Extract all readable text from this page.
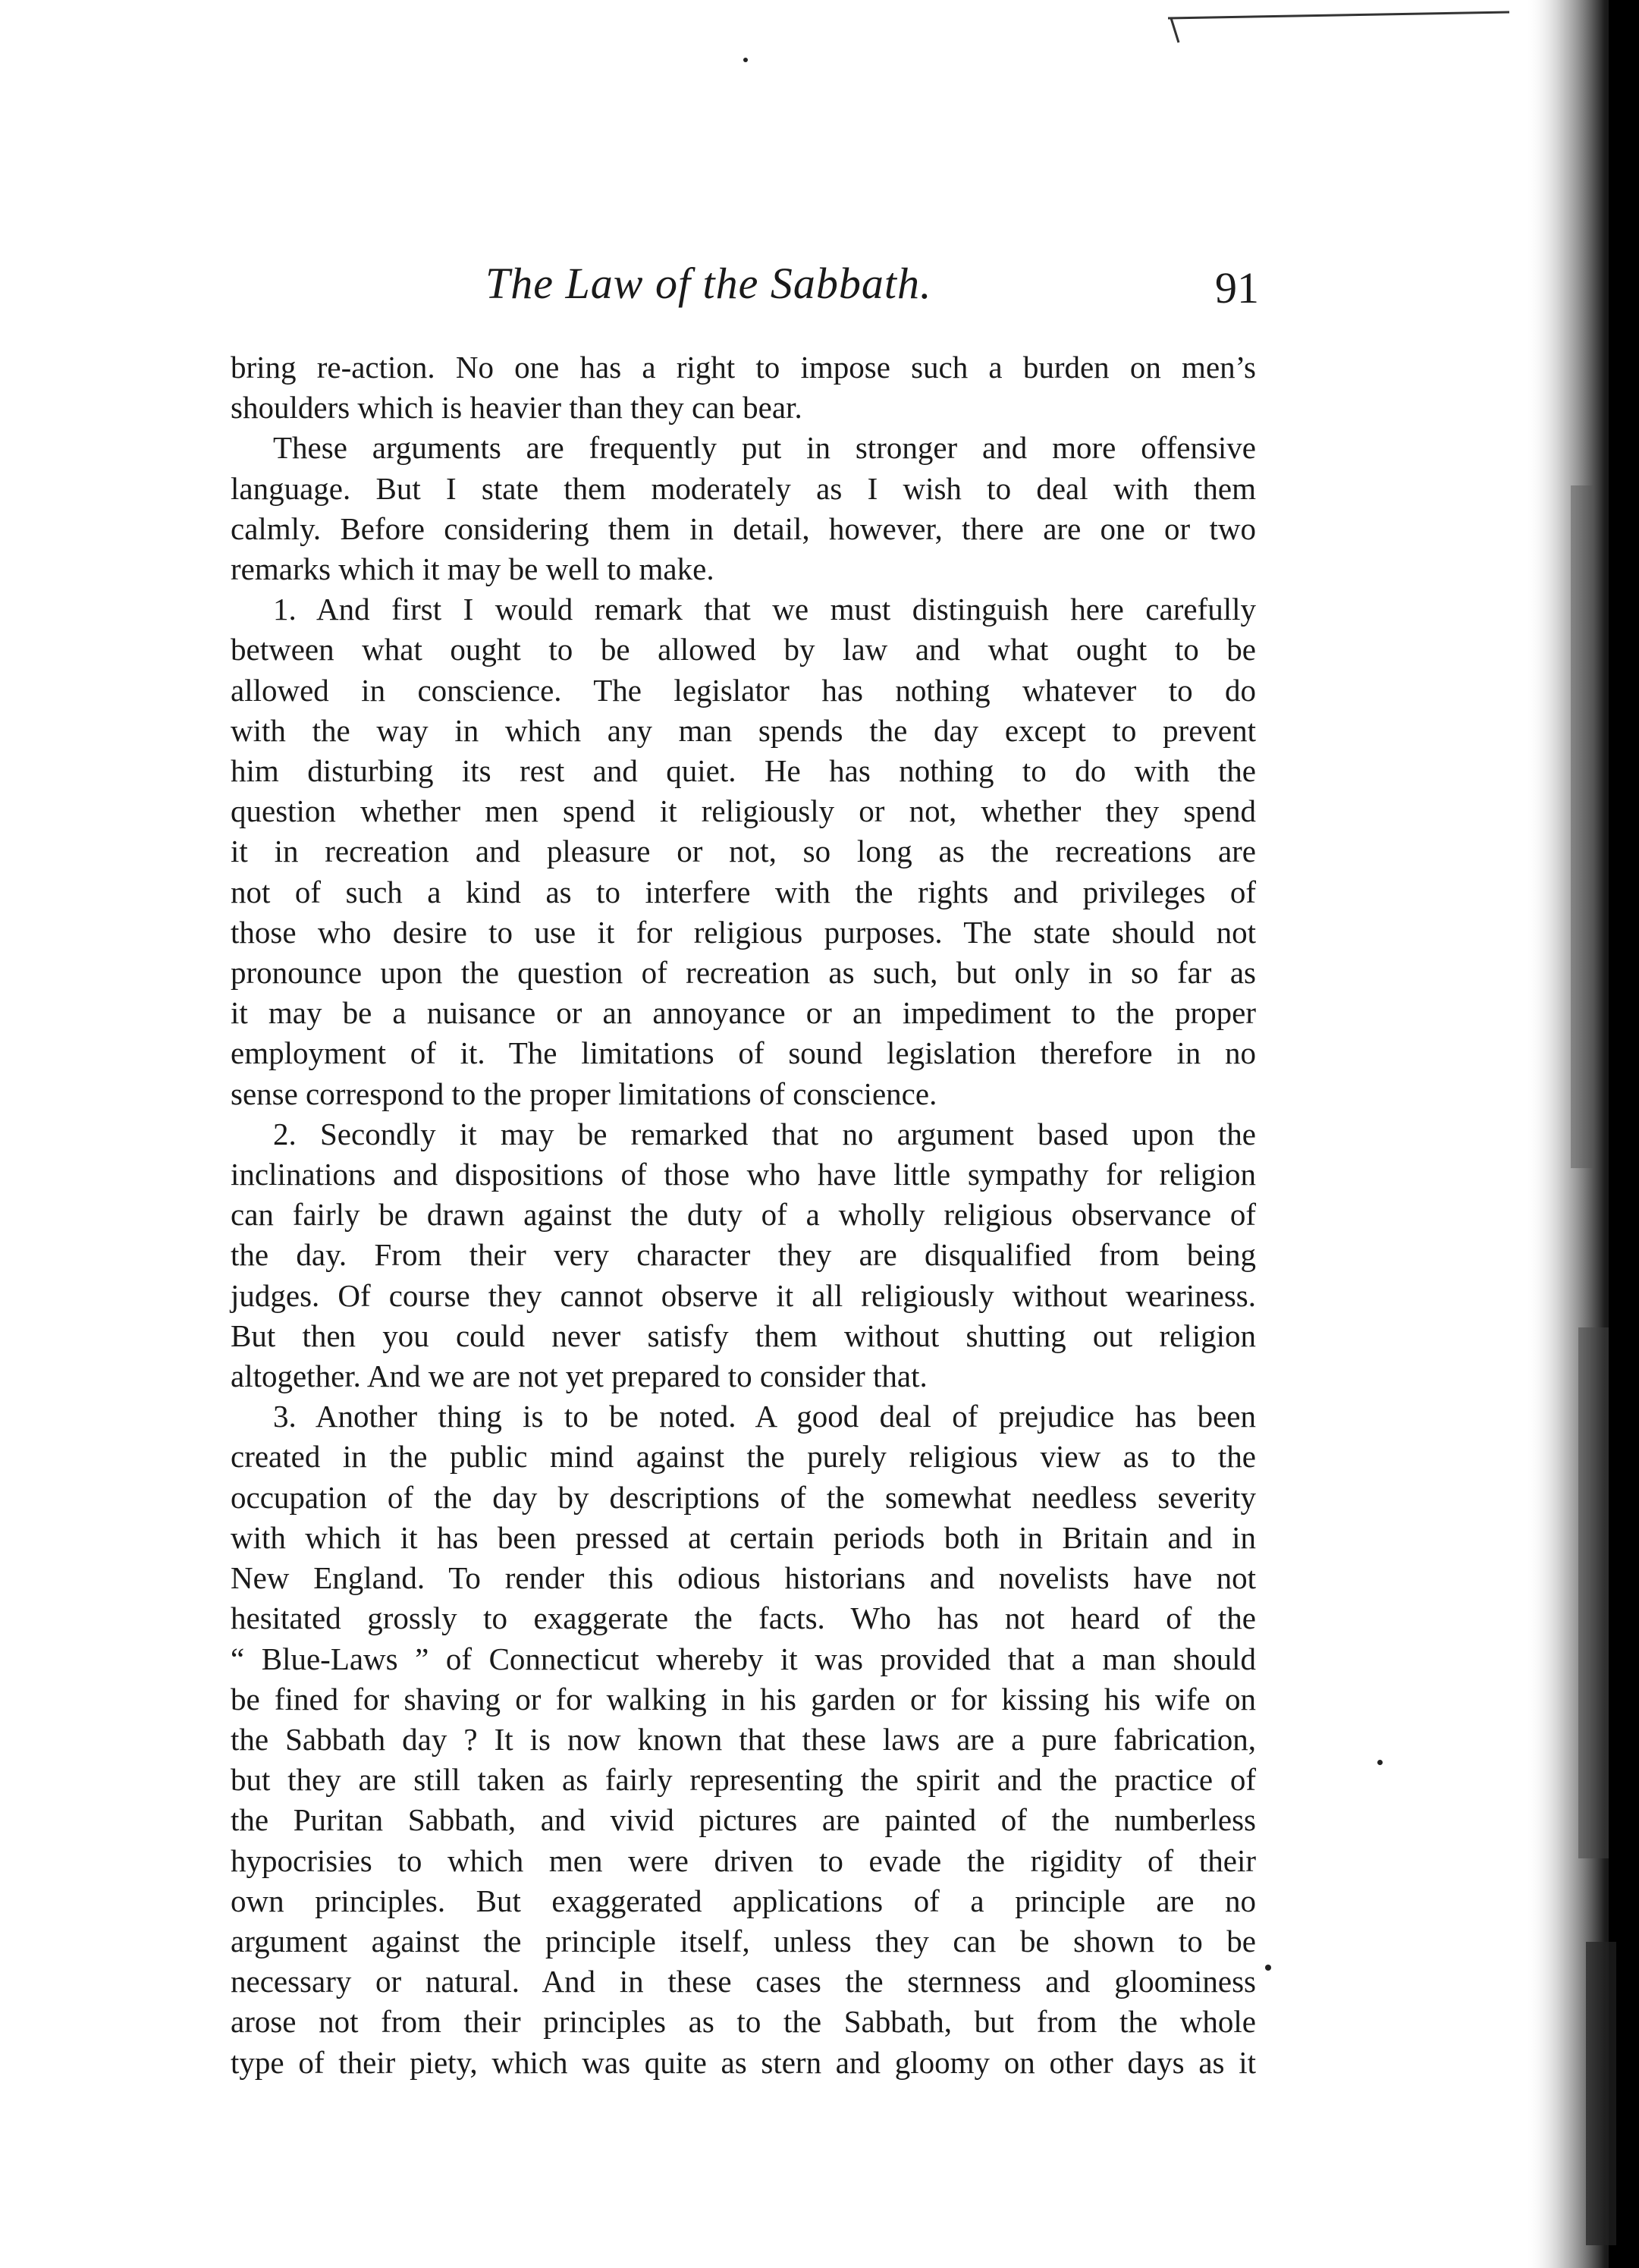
The Law of the Sabbath.	91

bring re-action. No one has a right to impose such a burden on men’s

shoulders which is heavier than they can bear.

These arguments are frequently put in stronger and more offensive

language. But I state them moderately as I wish to deal with them

calmly. Before considering them in detail, however, there are one or two

remarks which it may be well to make.

1. And first I would remark that we must distinguish here carefully

between what ought to be allowed by law and what ought to be

allowed in conscience. The legislator has nothing whatever to do

with the way in which any man spends the day except to prevent

him disturbing its rest and quiet. He has nothing to do with the

question whether men spend it religiously or not, whether they spend

it in recreation and pleasure or not, so long as the recreations are

not of such a kind as to interfere with the rights and privileges of

those who desire to use it for religious purposes. The state should not

pronounce upon the question of recreation as such, but only in so far as

it may be a nuisance or an annoyance or an impediment to the proper

employment of it. The limitations of sound legislation therefore in no

sense correspond to the proper limitations of conscience.

2. Secondly it may be remarked that no argument based upon the

inclinations and dispositions of those who have little sympathy for religion

can fairly be drawn against the duty of a wholly religious observance of

the day. From their very character they are disqualified from being

judges. Of course they cannot observe it all religiously without weariness.

But then you could never satisfy them without shutting out religion

altogether. And we are not yet prepared to consider that.

3. Another thing is to be noted. A good deal of prejudice has been

created in the public mind against the purely religious view as to the

occupation of the day by descriptions of the somewhat needless severity

with which it has been pressed at certain periods both in Britain and in

New England. To render this odious historians and novelists have not

hesitated grossly to exaggerate the facts. Who has not heard of the

“ Blue-Laws ” of Connecticut whereby it was provided that a man should

be fined for shaving or for walking in his garden or for kissing his wife on

the Sabbath day ? It is now known that these laws are a pure fabrication,

but they are still taken as fairly representing the spirit and the practice of

the Puritan Sabbath, and vivid pictures are painted of the numberless

hypocrisies to which men were driven to evade the rigidity of their

own principles. But exaggerated applications of a principle are no

argument against the principle itself, unless they can be shown to be

necessary or natural. And in these cases the sternness and gloominess

arose not from their principles as to the Sabbath, but from the whole

type of their piety, which was quite as stern and gloomy on other days as it
